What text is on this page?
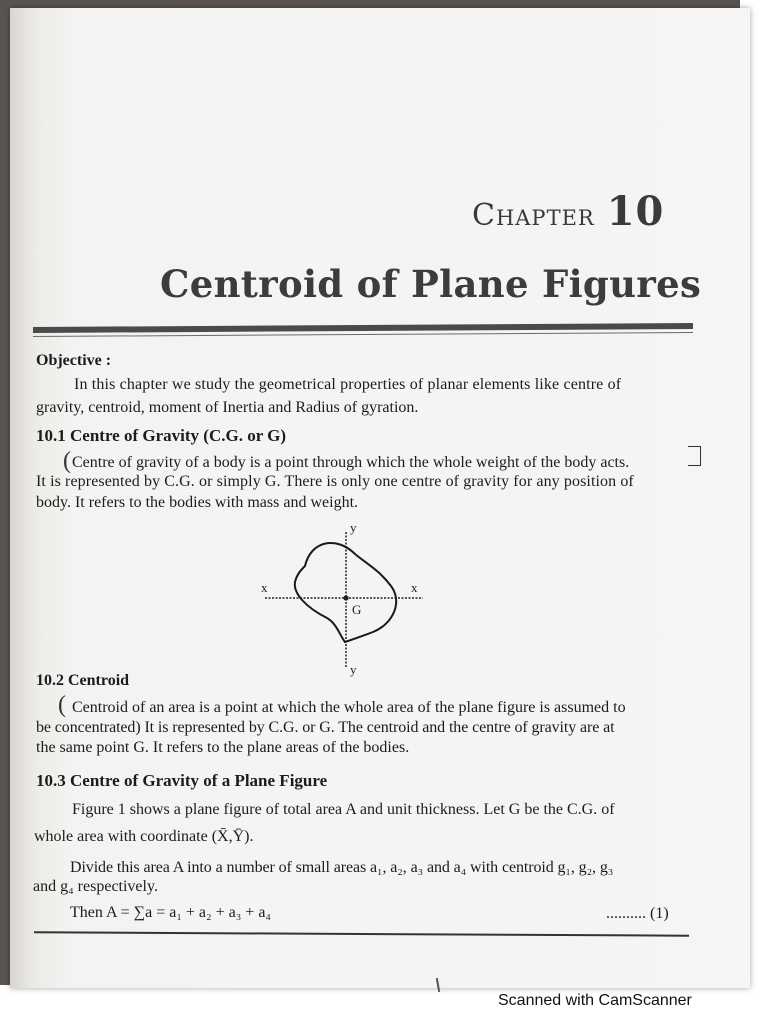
Chapter 10
Centroid of Plane Figures
Objective :
In this chapter we study the geometrical properties of planar elements like centre of
gravity, centroid, moment of Inertia and Radius of gyration.
10.1 Centre of Gravity (C.G. or G)
( Centre of gravity of a body is a point through which the whole weight of the body acts.
It is represented by C.G. or simply G. There is only one centre of gravity for any position of
body. It refers to the bodies with mass and weight.
y
y
x	x
G
10.2 Centroid
( Centroid of an area is a point at which the whole area of the plane figure is assumed to
be concentrated) It is represented by C.G. or G. The centroid and the centre of gravity are at
the same point G. It refers to the plane areas of the bodies.
10.3 Centre of Gravity of a Plane Figure
Figure 1 shows a plane figure of total area A and unit thickness. Let G be the C.G. of
whole area with coordinate (X̄,Ȳ).
Divide this area A into a number of small areas a₁, a₂, a₃ and a₄ with centroid g₁, g₂, g₃
and g₄ respectively.
Then A = ∑a = a₁ + a₂ + a₃ + a₄	.......... (1)
Scanned with CamScanner
